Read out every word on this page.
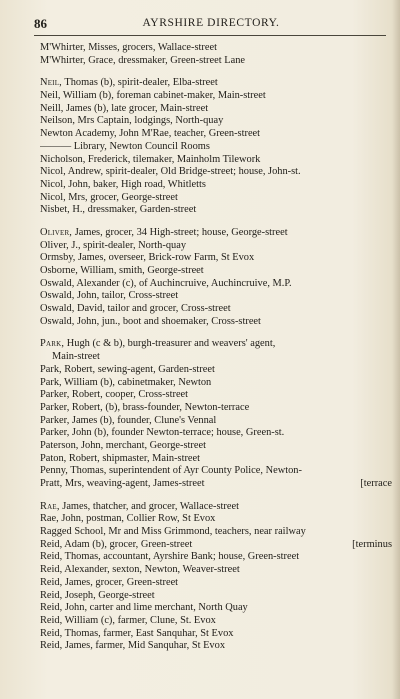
86	AYRSHIRE DIRECTORY.
M'Whirter, Misses, grocers, Wallace-street
M'Whirter, Grace, dressmaker, Green-street Lane
Neil, Thomas (b), spirit-dealer, Elba-street
Neil, William (b), foreman cabinet-maker, Main-street
Neill, James (b), late grocer, Main-street
Neilson, Mrs Captain, lodgings, North-quay
Newton Academy, John M'Rae, teacher, Green-street
——— Library, Newton Council Rooms
Nicholson, Frederick, tilemaker, Mainholm Tilework
Nicol, Andrew, spirit-dealer, Old Bridge-street; house, John-st.
Nicol, John, baker, High road, Whitletts
Nicol, Mrs, grocer, George-street
Nisbet, H., dressmaker, Garden-street
Oliver, James, grocer, 34 High-street; house, George-street
Oliver, J., spirit-dealer, North-quay
Ormsby, James, overseer, Brick-row Farm, St Evox
Osborne, William, smith, George-street
Oswald, Alexander (c), of Auchincruive, Auchincruive, M.P.
Oswald, John, tailor, Cross-street
Oswald, David, tailor and grocer, Cross-street
Oswald, John, jun., boot and shoemaker, Cross-street
Park, Hugh (c & b), burgh-treasurer and weavers' agent,
Main-street
Park, Robert, sewing-agent, Garden-street
Park, William (b), cabinetmaker, Newton
Parker, Robert, cooper, Cross-street
Parker, Robert, (b), brass-founder, Newton-terrace
Parker, James (b), founder, Clune's Vennal
Parker, John (b), founder Newton-terrace; house, Green-st.
Paterson, John, merchant, George-street
Paton, Robert, shipmaster, Main-street
Penny, Thomas, superintendent of Ayr County Police, Newton-
Pratt, Mrs, weaving-agent, James-street	[terrace
Rae, James, thatcher, and grocer, Wallace-street
Rae, John, postman, Collier Row, St Evox
Ragged School, Mr and Miss Grimmond, teachers, near railway
Reid, Adam (b), grocer, Green-street	[terminus
Reid, Thomas, accountant, Ayrshire Bank; house, Green-street
Reid, Alexander, sexton, Newton, Weaver-street
Reid, James, grocer, Green-street
Reid, Joseph, George-street
Reid, John, carter and lime merchant, North Quay
Reid, William (c), farmer, Clune, St. Evox
Reid, Thomas, farmer, East Sanquhar, St Evox
Reid, James, farmer, Mid Sanquhar, St Evox
